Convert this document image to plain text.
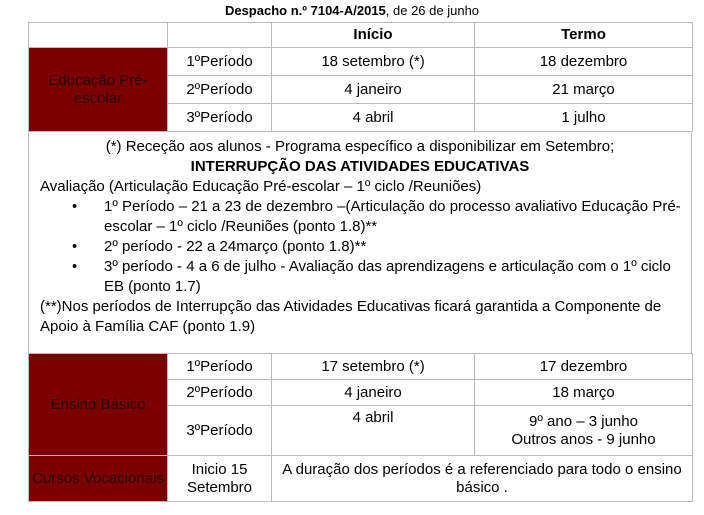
Despacho n.º 7104-A/2015, de 26 de junho
		Início	Termo
Educação Pré-escolar	1ºPeríodo	18 setembro (*)	18 dezembro
	2ºPeríodo	4 janeiro	21 março
	3ºPeríodo	4 abril	1 julho
(*) Receção aos alunos - Programa específico a disponibilizar em Setembro;
INTERRUPÇÃO DAS ATIVIDADES EDUCATIVAS

Avaliação (Articulação Educação Pré-escolar – 1º ciclo /Reuniões)

• 1º Período – 21 a 23 de dezembro –(Articulação do processo avaliativo Educação Pré-escolar – 1º ciclo /Reuniões (ponto 1.8)**
• 2º período - 22 a 24março (ponto 1.8)**
• 3º período - 4 a 6 de julho - Avaliação das aprendizagens e articulação com o 1º ciclo EB (ponto 1.7)

(**)Nos períodos de Interrupção das Atividades Educativas ficará garantida a Componente de Apoio à Família CAF (ponto 1.9)

Ensino Básico	1ºPeríodo	17 setembro (*)	17 dezembro
	2ºPeríodo	4 janeiro	18 março
	3ºPeríodo	4 abril	9º ano – 3 junho
Outros anos - 9 junho

Cursos Vocacionais	Inicio 15
Setembro	A duração dos períodos é a referenciado para todo o ensino básico .	
